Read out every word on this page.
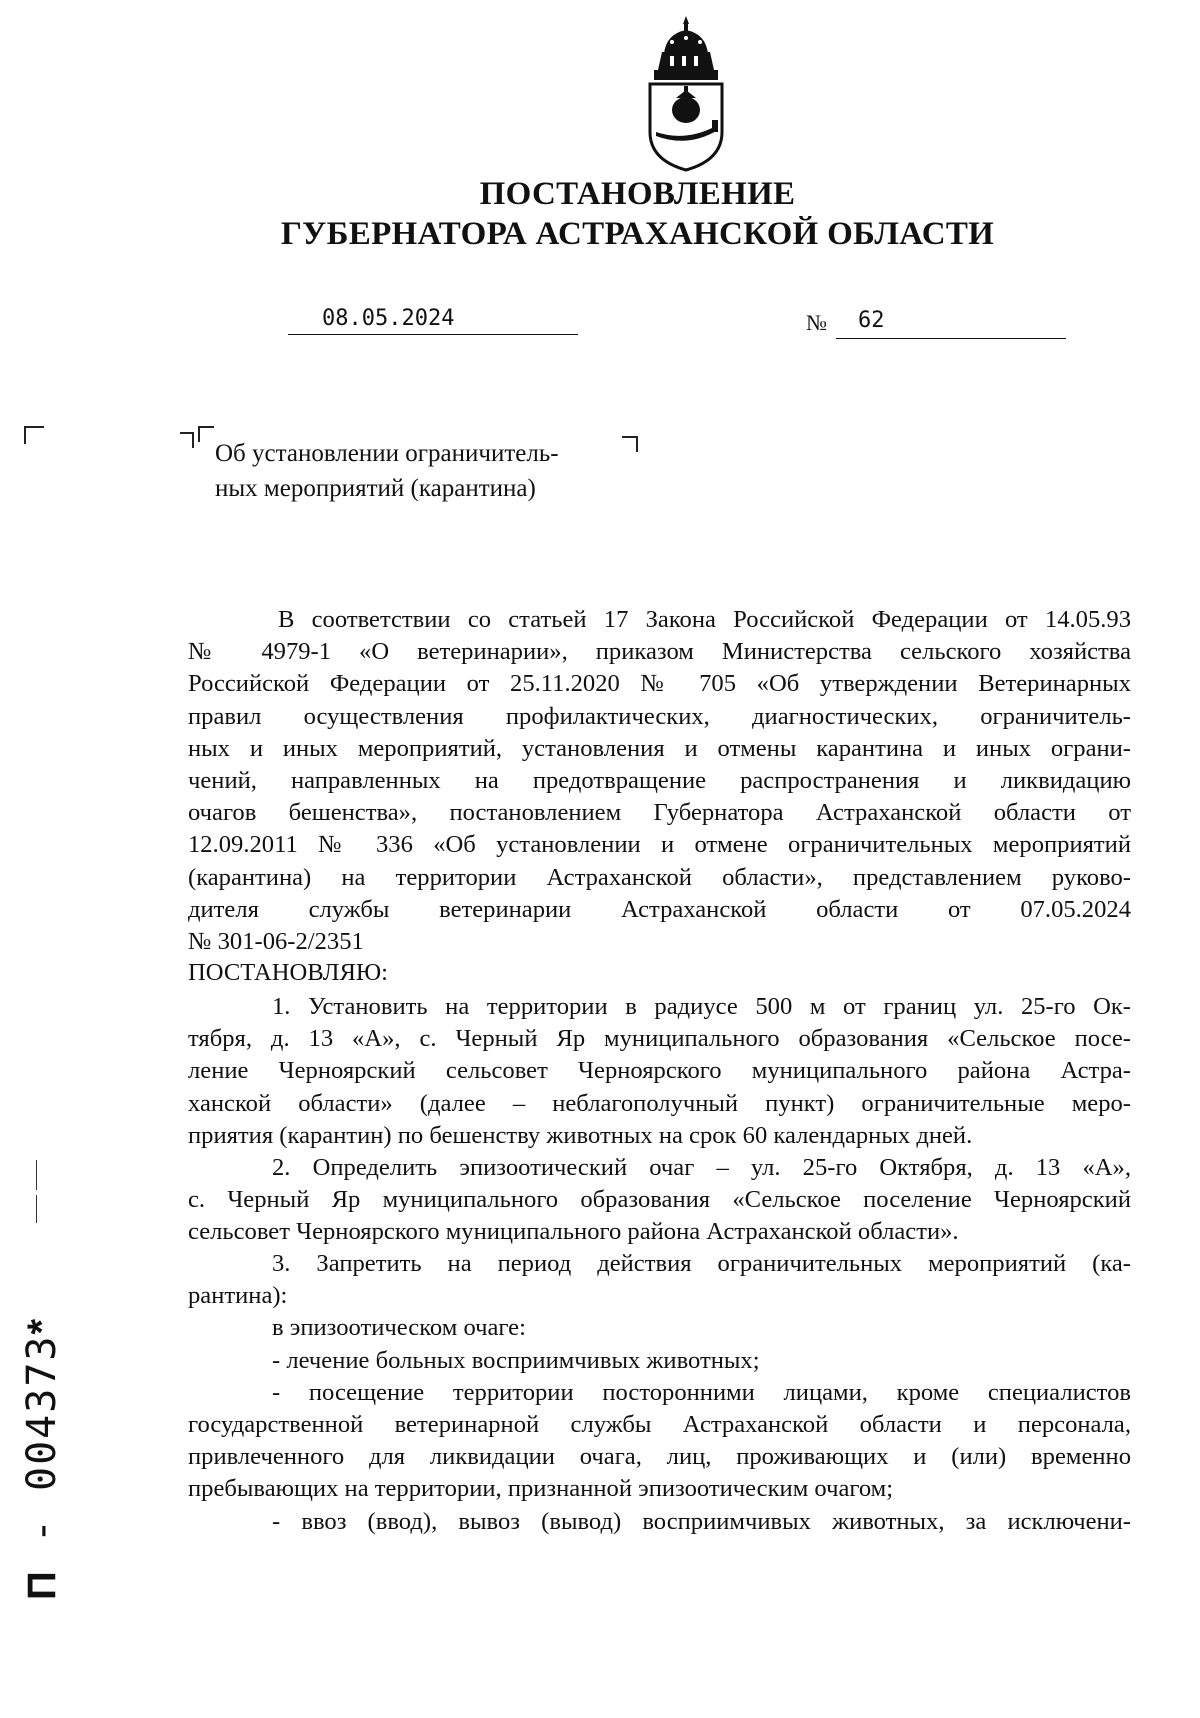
ПОСТАНОВЛЕНИЕ
ГУБЕРНАТОРА АСТРАХАНСКОЙ ОБЛАСТИ
08.05.2024	№ 62
Об установлении ограничитель-
ных мероприятий (карантина)
В соответствии со статьей 17 Закона Российской Федерации от 14.05.93
№ 4979-1 «О ветеринарии», приказом Министерства сельского хозяйства
Российской Федерации от 25.11.2020 № 705 «Об утверждении Ветеринарных
правил осуществления профилактических, диагностических, ограничитель-
ных и иных мероприятий, установления и отмены карантина и иных ограни-
чений, направленных на предотвращение распространения и ликвидацию
очагов бешенства», постановлением Губернатора Астраханской области от
12.09.2011 № 336 «Об установлении и отмене ограничительных мероприятий
(карантина) на территории Астраханской области», представлением руково-
дителя службы ветеринарии Астраханской области от 07.05.2024
№ 301-06-2/2351
ПОСТАНОВЛЯЮ:
1. Установить на территории в радиусе 500 м от границ ул. 25-го Ок-
тября, д. 13 «А», с. Черный Яр муниципального образования «Сельское посе-
ление Черноярский сельсовет Черноярского муниципального района Астра-
ханской области» (далее – неблагополучный пункт) ограничительные меро-
приятия (карантин) по бешенству животных на срок 60 календарных дней.
2. Определить эпизоотический очаг – ул. 25-го Октября, д. 13 «А»,
с. Черный Яр муниципального образования «Сельское поселение Черноярский
сельсовет Черноярского муниципального района Астраханской области».
3. Запретить на период действия ограничительных мероприятий (ка-
рантина):
в эпизоотическом очаге:
- лечение больных восприимчивых животных;
- посещение территории посторонними лицами, кроме специалистов
государственной ветеринарной службы Астраханской области и персонала,
привлеченного для ликвидации очага, лиц, проживающих и (или) временно
пребывающих на территории, признанной эпизоотическим очагом;
- ввоз (ввод), вывоз (вывод) восприимчивых животных, за исключени-
П - 004373*
